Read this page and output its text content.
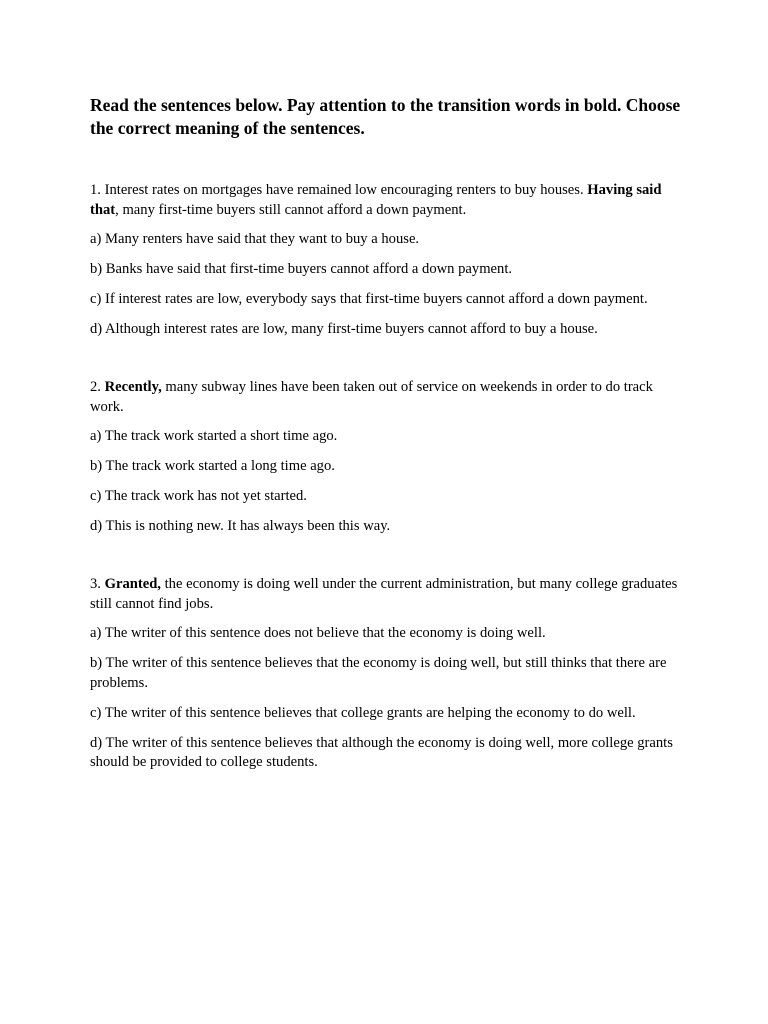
Read the sentences below. Pay attention to the transition words in bold. Choose the correct meaning of the sentences.

1. Interest rates on mortgages have remained low encouraging renters to buy houses. Having said that, many first-time buyers still cannot afford a down payment.

a) Many renters have said that they want to buy a house.

b) Banks have said that first-time buyers cannot afford a down payment.

c) If interest rates are low, everybody says that first-time buyers cannot afford a down payment.

d) Although interest rates are low, many first-time buyers cannot afford to buy a house.

2. Recently, many subway lines have been taken out of service on weekends in order to do track work.

a) The track work started a short time ago.

b) The track work started a long time ago.

c) The track work has not yet started.

d) This is nothing new. It has always been this way.

3. Granted, the economy is doing well under the current administration, but many college graduates still cannot find jobs.

a) The writer of this sentence does not believe that the economy is doing well.

b) The writer of this sentence believes that the economy is doing well, but still thinks that there are problems.

c) The writer of this sentence believes that college grants are helping the economy to do well.

d) The writer of this sentence believes that although the economy is doing well, more college grants should be provided to college students.
